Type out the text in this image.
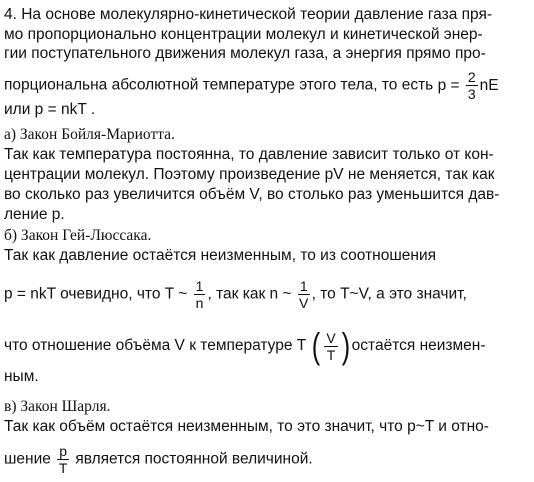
4. На основе молекулярно-кинетической теории давление газа пря-
мо пропорционально концентрации молекул и кинетической энер-
гии поступательного движения молекул газа, а энергия прямо про-
порциональна абсолютной температуре этого тела, то есть $p = \frac{2}{3}$ nE
или p = nkT .
а) Закон Бойля-Мариотта.
Так как температура постоянна, то давление зависит только от кон-
центрации молекул. Поэтому произведение pV не меняется, так как
во сколько раз увеличится объём V, во столько раз уменьшится дав-
ление p.
б) Закон Гей-Люссака.
Так как давление остаётся неизменным, то из соотношения
p = nkT очевидно, что T ~ $\frac{1}{n}$ , так как n ~ $\frac{1}{V}$ , то T~V, а это значит,
что отношение объёма V к температуре T ( $\frac{V}{T}$ ) остаётся неизмен-
ным.
в) Закон Шарля.
Так как объём остаётся неизменным, то это значит, что p~T и отно-
шение $\frac{p}{T}$ является постоянной величиной.
